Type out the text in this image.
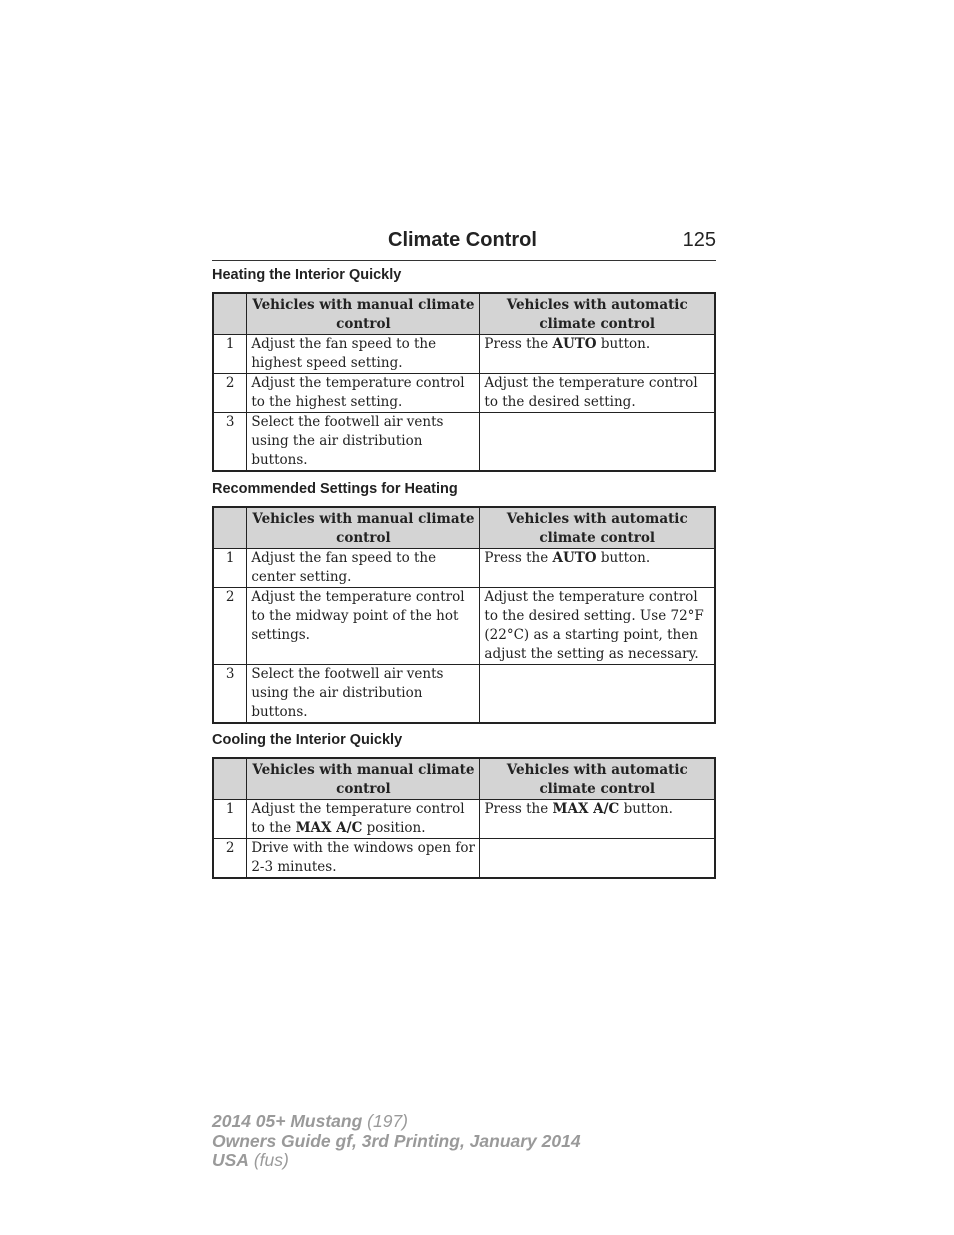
Climate Control	125
Heating the Interior Quickly
	Vehicles with manual climate control	Vehicles with automatic climate control
1	Adjust the fan speed to the highest speed setting.	Press the AUTO button.
2	Adjust the temperature control to the highest setting.	Adjust the temperature control to the desired setting.
3	Select the footwell air vents using the air distribution buttons.	
Recommended Settings for Heating
	Vehicles with manual climate control	Vehicles with automatic climate control
1	Adjust the fan speed to the center setting.	Press the AUTO button.
2	Adjust the temperature control to the midway point of the hot settings.	Adjust the temperature control to the desired setting. Use 72°F (22°C) as a starting point, then adjust the setting as necessary.
3	Select the footwell air vents using the air distribution buttons.	
Cooling the Interior Quickly
	Vehicles with manual climate control	Vehicles with automatic climate control
1	Adjust the temperature control to the MAX A/C position.	Press the MAX A/C button.
2	Drive with the windows open for 2-3 minutes.	
2014 05+ Mustang (197)
Owners Guide gf, 3rd Printing, January 2014
USA (fus)
